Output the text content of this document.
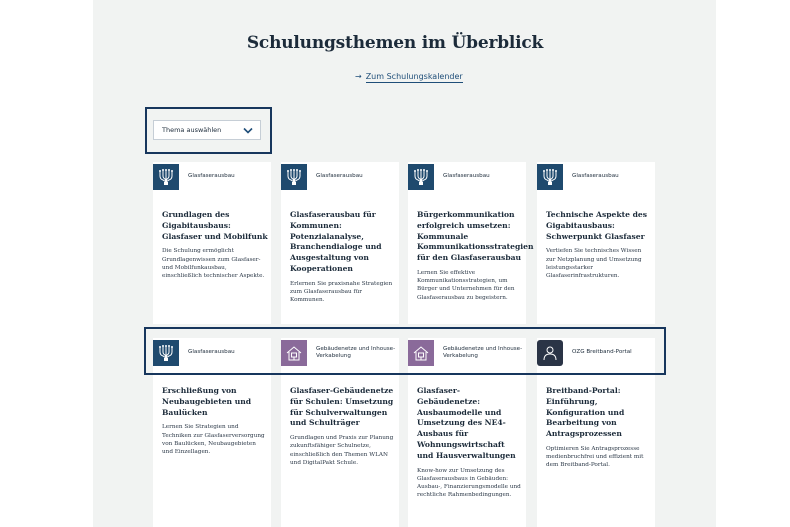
Schulungsthemen im Überblick
→ Zum Schulungskalender
Thema auswählen
Glasfaserausbau
Grundlagen des Gigabitausbaus: Glasfaser und Mobilfunk
Die Schulung ermöglicht Grundlagenwissen zum Glasfaser- und Mobilfunkausbau, einschließlich technischer Aspekte.
Glasfaserausbau
Glasfaserausbau für Kommunen: Potenzialanalyse, Branchendialoge und Ausgestaltung von Kooperationen
Erlernen Sie praxisnahe Strategien zum Glasfaserausbau für Kommunen.
Glasfaserausbau
Bürgerkommunikation erfolgreich umsetzen: Kommunale Kommunikationsstrategien für den Glasfaserausbau
Lernen Sie effektive Kommunikationsstrategien, um Bürger und Unternehmen für den Glasfaserausbau zu begeistern.
Glasfaserausbau
Technische Aspekte des Gigabitausbaus: Schwerpunkt Glasfaser
Vertiefen Sie technisches Wissen zur Netzplanung und Umsetzung leistungsstarker Glasfaserinfrastrukturen.
Glasfaserausbau
Erschließung von Neubaugebieten und Baulücken
Lernen Sie Strategien und Techniken zur Glasfaserversorgung von Baulücken, Neubaugebieten und Einzellagen.
Gebäudenetze und Inhouse-Verkabelung
Glasfaser-Gebäudenetze für Schulen: Umsetzung für Schulverwaltungen und Schulträger
Grundlagen und Praxis zur Planung zukunftsfähiger Schulnetze, einschließlich den Themen WLAN und DigitalPakt Schule.
Gebäudenetze und Inhouse-Verkabelung
Glasfaser-Gebäudenetze: Ausbaumodelle und Umsetzung des NE4-Ausbaus für Wohnungswirtschaft und Hausverwaltungen
Know-how zur Umsetzung des Glasfaserausbaus in Gebäuden: Ausbau-, Finanzierungsmodelle und rechtliche Rahmenbedingungen.
OZG Breitband-Portal
Breitband-Portal: Einführung, Konfiguration und Bearbeitung von Antragsprozessen
Optimieren Sie Antragsprozesse medienbruchfrei und effizient mit dem Breitband-Portal.
